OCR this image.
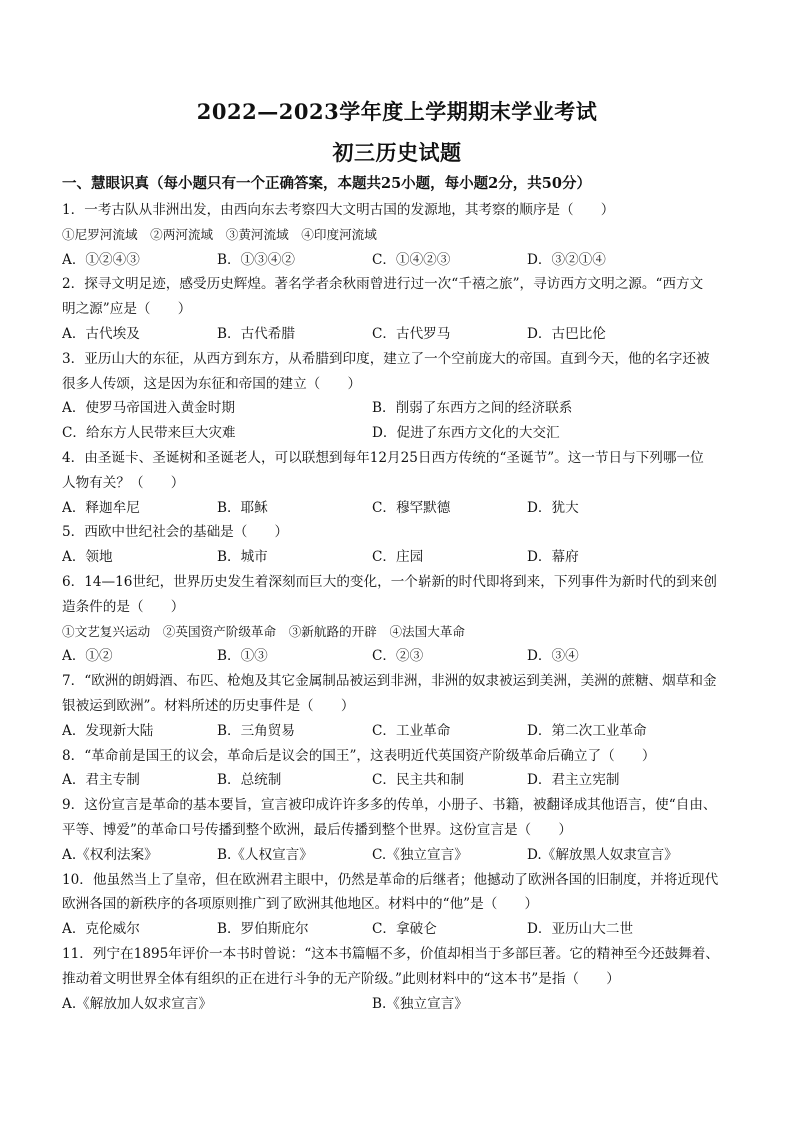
2022—2023学年度上学期期末学业考试
初三历史试题
一、慧眼识真（每小题只有一个正确答案，本题共25小题，每小题2分，共50分）
1．一考古队从非洲出发，由西向东去考察四大文明古国的发源地，其考察的顺序是（　　）
①尼罗河流域　②两河流域　③黄河流域　④印度河流域
A．①②④③	B．①③④②	C．①④②③	D．③②①④
2．探寻文明足迹，感受历史辉煌。著名学者余秋雨曾进行过一次“千禧之旅”，寻访西方文明之源。“西方文
明之源”应是（　　）
A．古代埃及	B．古代希腊	C．古代罗马	D．古巴比伦
3．亚历山大的东征，从西方到东方，从希腊到印度，建立了一个空前庞大的帝国。直到今天，他的名字还被
很多人传颂，这是因为东征和帝国的建立（　　）
A．使罗马帝国进入黄金时期	B．削弱了东西方之间的经济联系
C．给东方人民带来巨大灾难	D．促进了东西方文化的大交汇
4．由圣诞卡、圣诞树和圣诞老人，可以联想到每年12月25日西方传统的“圣诞节”。这一节日与下列哪一位
人物有关？（　　）
A．释迦牟尼	B．耶稣	C．穆罕默德	D．犹大
5．西欧中世纪社会的基础是（　　）
A．领地	B．城市	C．庄园	D．幕府
6．14—16世纪，世界历史发生着深刻而巨大的变化，一个崭新的时代即将到来，下列事件为新时代的到来创
造条件的是（　　）
①文艺复兴运动　②英国资产阶级革命　③新航路的开辟　④法国大革命
A．①②	B．①③	C．②③	D．③④
7．“欧洲的朗姆酒、布匹、枪炮及其它金属制品被运到非洲，非洲的奴隶被运到美洲，美洲的蔗糖、烟草和金
银被运到欧洲”。材料所述的历史事件是（　　）
A．发现新大陆	B．三角贸易	C．工业革命	D．第二次工业革命
8．“革命前是国王的议会，革命后是议会的国王”，这表明近代英国资产阶级革命后确立了（　　）
A．君主专制	B．总统制	C．民主共和制	D．君主立宪制
9．这份宣言是革命的基本要旨，宣言被印成许许多多的传单，小册子、书籍，被翻译成其他语言，使“自由、
平等、博爱”的革命口号传播到整个欧洲，最后传播到整个世界。这份宣言是（　　）
A.《权利法案》	B.《人权宣言》	C.《独立宣言》	D.《解放黑人奴隶宣言》
10．他虽然当上了皇帝，但在欧洲君主眼中，仍然是革命的后继者；他撼动了欧洲各国的旧制度，并将近现代
欧洲各国的新秩序的各项原则推广到了欧洲其他地区。材料中的“他”是（　　）
A．克伦威尔	B．罗伯斯庇尔	C．拿破仑	D．亚历山大二世
11．列宁在1895年评价一本书时曾说：“这本书篇幅不多，价值却相当于多部巨著。它的精神至今还鼓舞着、
推动着文明世界全体有组织的正在进行斗争的无产阶级。”此则材料中的“这本书”是指（　　）
A.《解放加人奴求宣言》	B.《独立宣言》
